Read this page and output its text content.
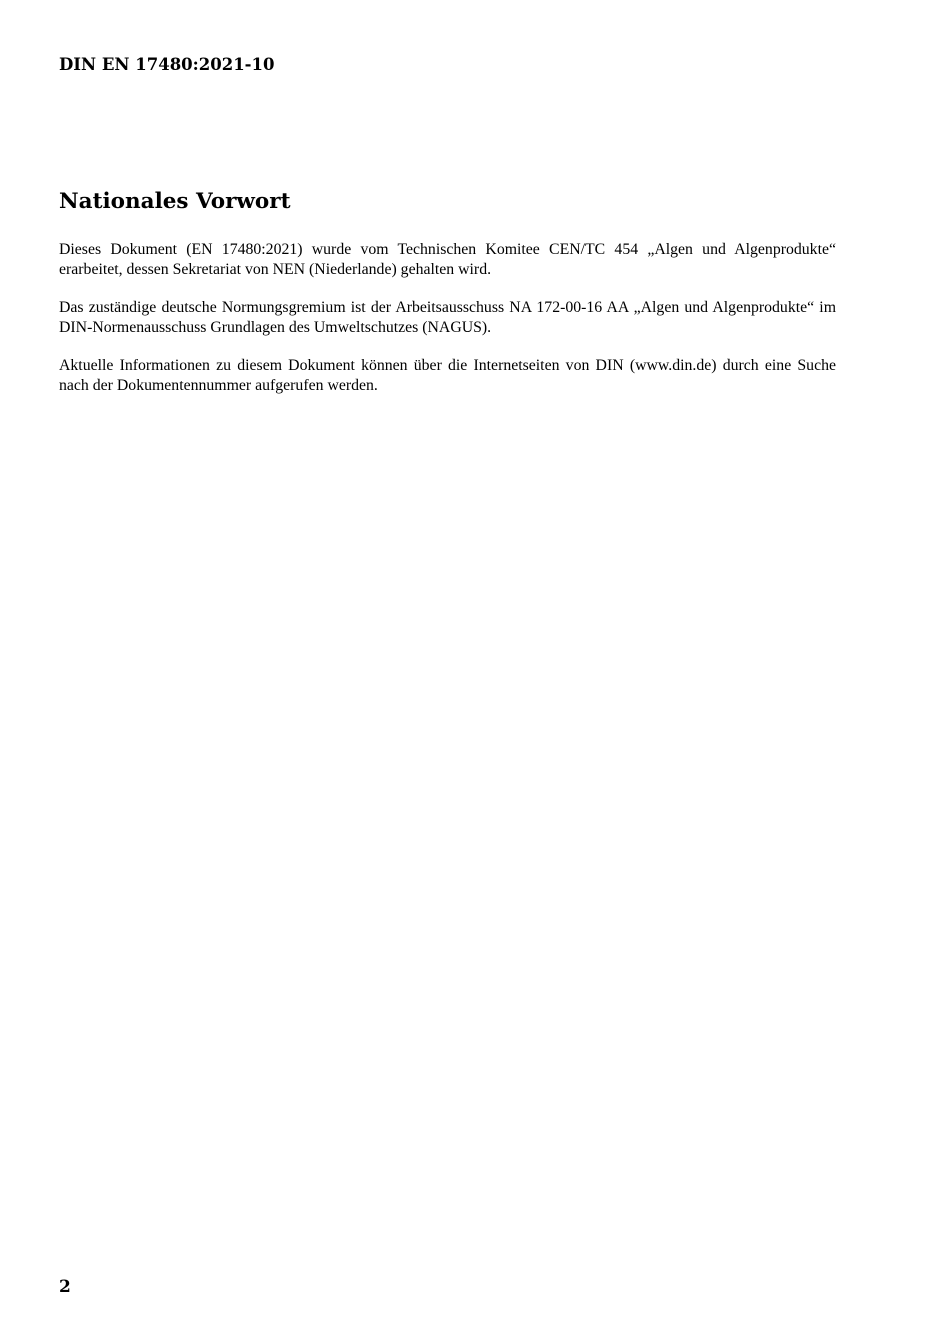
DIN EN 17480:2021-10
Nationales Vorwort

Dieses Dokument (EN 17480:2021) wurde vom Technischen Komitee CEN/TC 454 „Algen und Algenprodukte“ erarbeitet, dessen Sekretariat von NEN (Niederlande) gehalten wird.

Das zuständige deutsche Normungsgremium ist der Arbeitsausschuss NA 172-00-16 AA „Algen und Algenprodukte“ im DIN-Normenausschuss Grundlagen des Umweltschutzes (NAGUS).

Aktuelle Informationen zu diesem Dokument können über die Internetseiten von DIN (www.din.de) durch eine Suche nach der Dokumentennummer aufgerufen werden.

2
